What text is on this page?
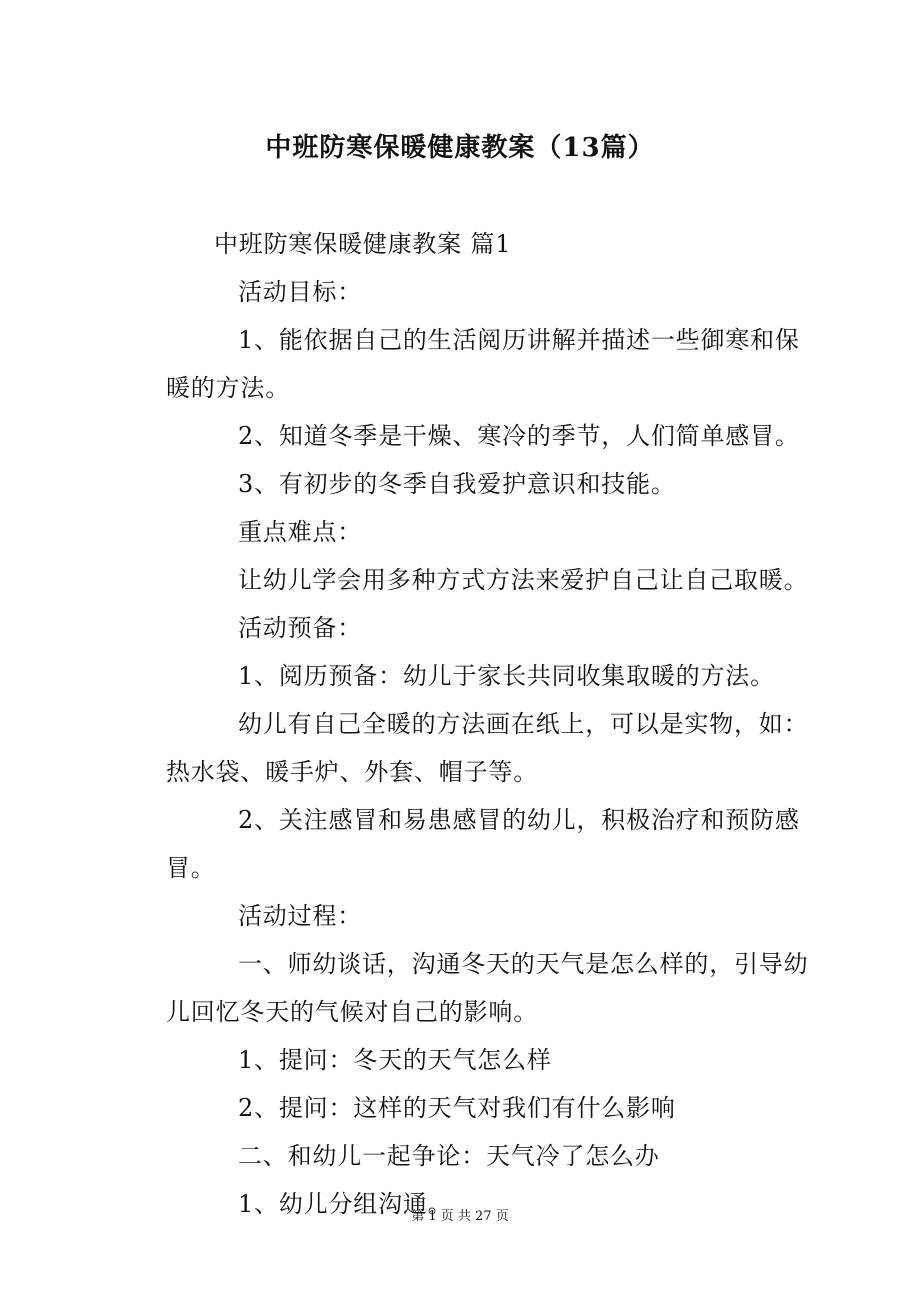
中班防寒保暖健康教案（13篇）

中班防寒保暖健康教案 篇1

活动目标：

1、能依据自己的生活阅历讲解并描述一些御寒和保暖的方法。

2、知道冬季是干燥、寒冷的季节，人们简单感冒。

3、有初步的冬季自我爱护意识和技能。

重点难点：

让幼儿学会用多种方式方法来爱护自己让自己取暖。

活动预备：

1、阅历预备：幼儿于家长共同收集取暖的方法。

幼儿有自己全暖的方法画在纸上，可以是实物，如：热水袋、暖手炉、外套、帽子等。

2、关注感冒和易患感冒的幼儿，积极治疗和预防感冒。

活动过程：

一、师幼谈话，沟通冬天的天气是怎么样的，引导幼儿回忆冬天的气候对自己的影响。

1、提问：冬天的天气怎么样

2、提问：这样的天气对我们有什么影响

二、和幼儿一起争论：天气冷了怎么办

1、幼儿分组沟通。

第 1 页 共 27 页
